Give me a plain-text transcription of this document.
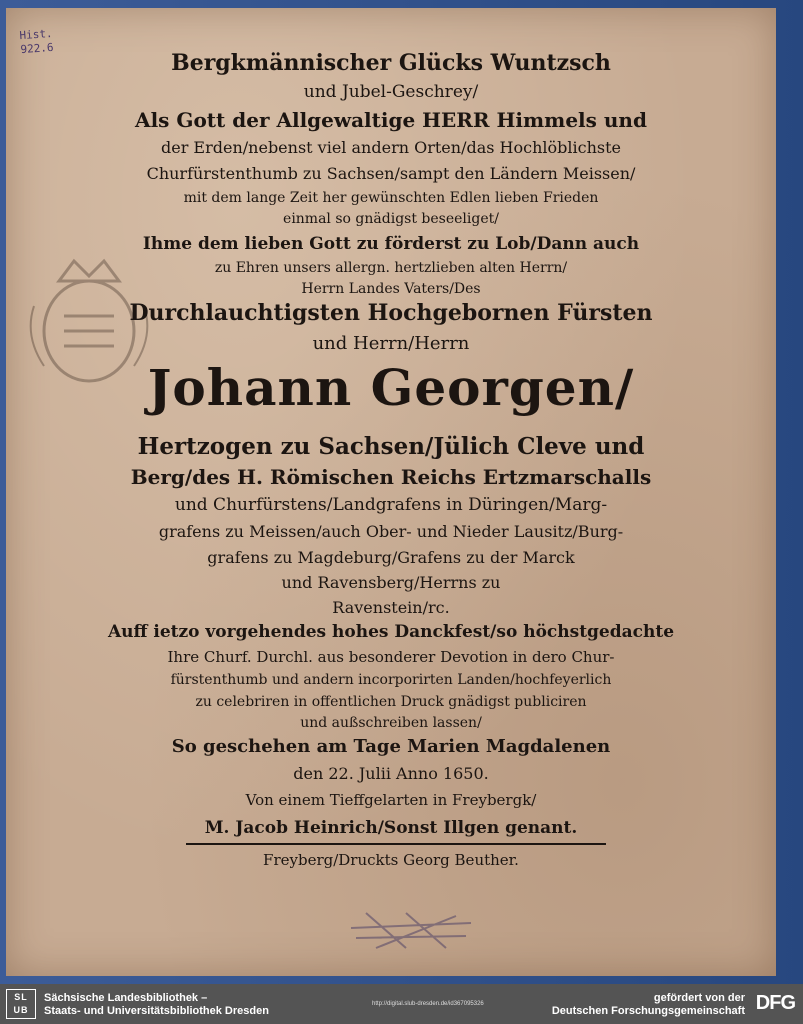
Hist.
922.6
Bergkmännischer Glücks Wuntzsch
und Jubel-Geschrey/
Als Gott der Allgewaltige HERR Himmels und
der Erden/nebenst viel andern Orten/das Hochlöblichste
Churfürstenthumb zu Sachsen/sampt den Ländern Meissen/
mit dem lange Zeit her gewünschten Edlen lieben Frieden
einmal so gnädigst beseeliget/
Ihme dem lieben Gott zu förderst zu Lob/Dann auch
zu Ehren unsers allergn. hertzlieben alten Herrn/
Herrn Landes Vaters/Des
Durchlauchtigsten Hochgebornen Fürsten
und Herrn/Herrn
Johann Georgen/
Hertzogen zu Sachsen/Jülich Cleve und
Berg/des H. Römischen Reichs Ertzmarschalls
und Churfürstens/Landgrafens in Düringen/Marg-
grafens zu Meissen/auch Ober- und Nieder Lausitz/Burg-
grafens zu Magdeburg/Grafens zu der Marck
und Ravensberg/Herrns zu
Ravenstein/rc.
Auff ietzo vorgehendes hohes Danckfest/so höchstgedachte
Ihre Churf. Durchl. aus besonderer Devotion in dero Chur-
fürstenthumb und andern incorporirten Landen/hochfeyerlich
zu celebriren in offentlichen Druck gnädigst publiciren
und außschreiben lassen/
So geschehen am Tage Marien Magdalenen
den 22. Julii Anno 1650.
Von einem Tieffgelarten in Freybergk/
M. Jacob Heinrich/Sonst Illgen genant.
Freyberg/Druckts Georg Beuther.
SL
UB
Sächsische Landesbibliothek –
Staats- und Universitätsbibliothek Dresden
http://digital.slub-dresden.de/id367095326	gefördert von der
Deutschen Forschungsgemeinschaft DFG
